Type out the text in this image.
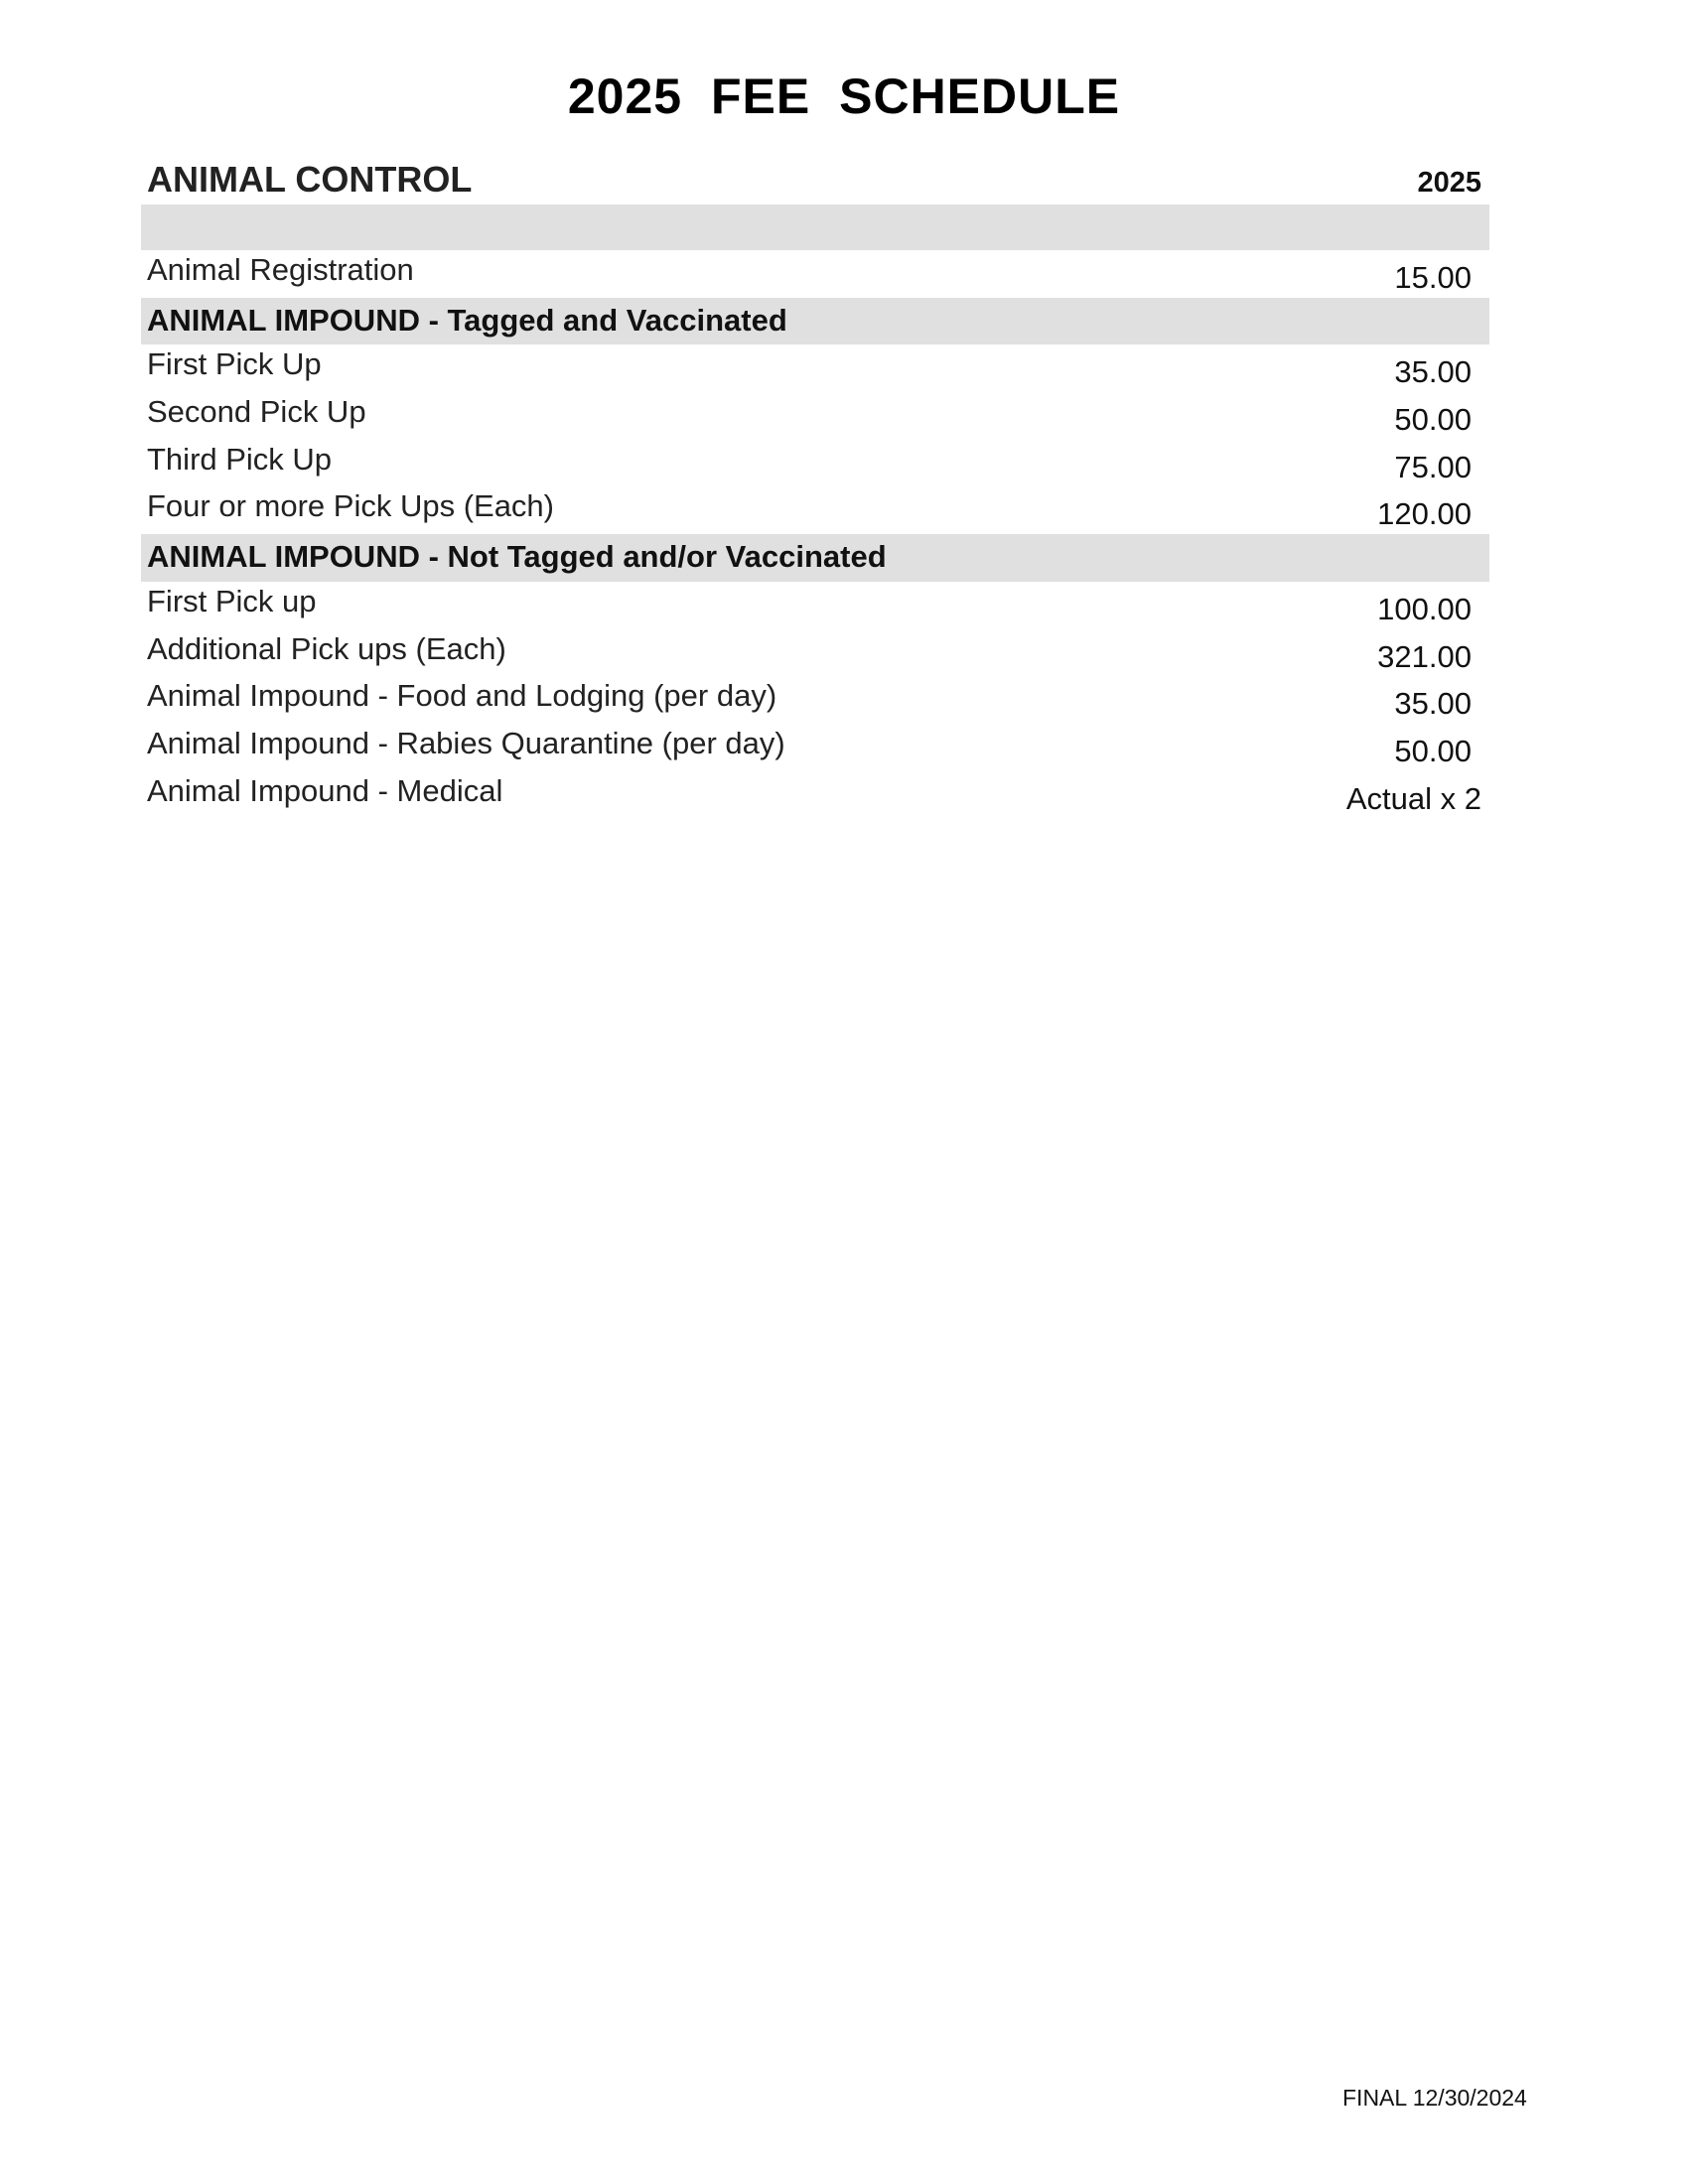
2025 FEE SCHEDULE
ANIMAL CONTROL	2025
Animal Registration	15.00
ANIMAL IMPOUND - Tagged and Vaccinated
First Pick Up	35.00
Second Pick Up	50.00
Third Pick Up	75.00
Four or more Pick Ups (Each)	120.00
ANIMAL IMPOUND - Not Tagged and/or Vaccinated
First Pick up	100.00
Additional Pick ups (Each)	321.00
Animal Impound - Food and Lodging (per day)	35.00
Animal Impound - Rabies Quarantine (per day)	50.00
Animal Impound - Medical	Actual x 2
FINAL 12/30/2024
